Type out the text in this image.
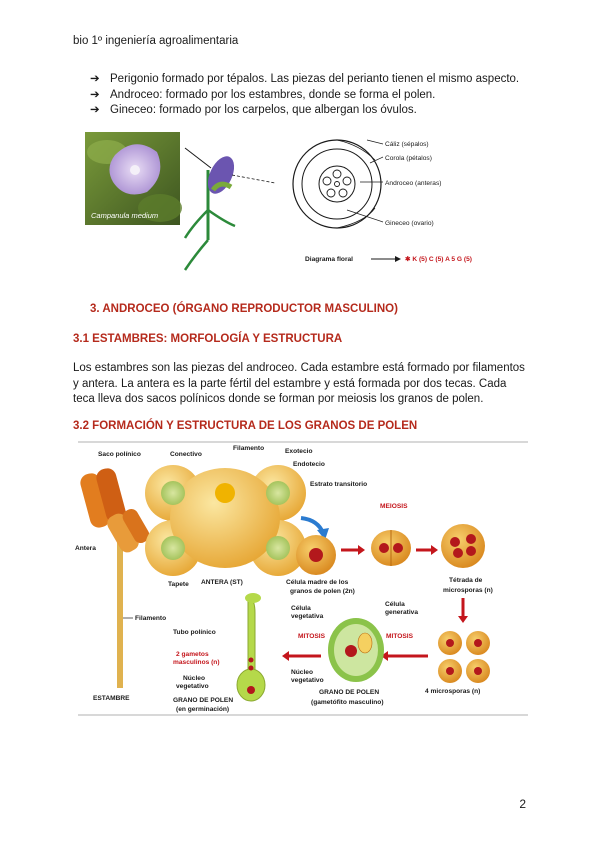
bio 1º ingeniería agroalimentaria
➔ Perigonio formado por tépalos. Las piezas del perianto tienen el mismo aspecto.
➔ Androceo: formado por los estambres, donde se forma el polen.
➔ Gineceo: formado por los carpelos, que albergan los óvulos.
Campanula medium
Cáliz (sépalos)
Corola (pétalos)
Androceo (anteras)
Gineceo (ovario)
Diagrama floral	✱ K (5) C (5) A 5 G (5)
3. ANDROCEO (ÓRGANO REPRODUCTOR MASCULINO)
3.1 ESTAMBRES: MORFOLOGÍA Y ESTRUCTURA
Los estambres son las piezas del androceo. Cada estambre está formado por filamentos y antera. La antera es la parte fértil del estambre y está formada por dos tecas. Cada teca lleva dos sacos polínicos donde se forman por meiosis los granos de polen.
3.2 FORMACIÓN Y ESTRUCTURA DE LOS GRANOS DE POLEN
Saco polínico	Conectivo
Filamento	Exotecio
Endotecio
Estrato transitorio
Antera
Tapete ANTERA (ST)	Célula madre de los
granos de polen (2n)
MEIOSIS
Tétrada de
microsporas (n)
4 microsporas (n)
MITOSIS
Célula
vegetativa
Célula
generativa
Núcleo
vegetativo
GRANO DE POLEN
(gametófito masculino)
MITOSIS
Tubo polínico
2 gametos
masculinos (n)
Núcleo
vegetativo
GRANO DE POLEN
(en germinación)
Filamento
ESTAMBRE
2
